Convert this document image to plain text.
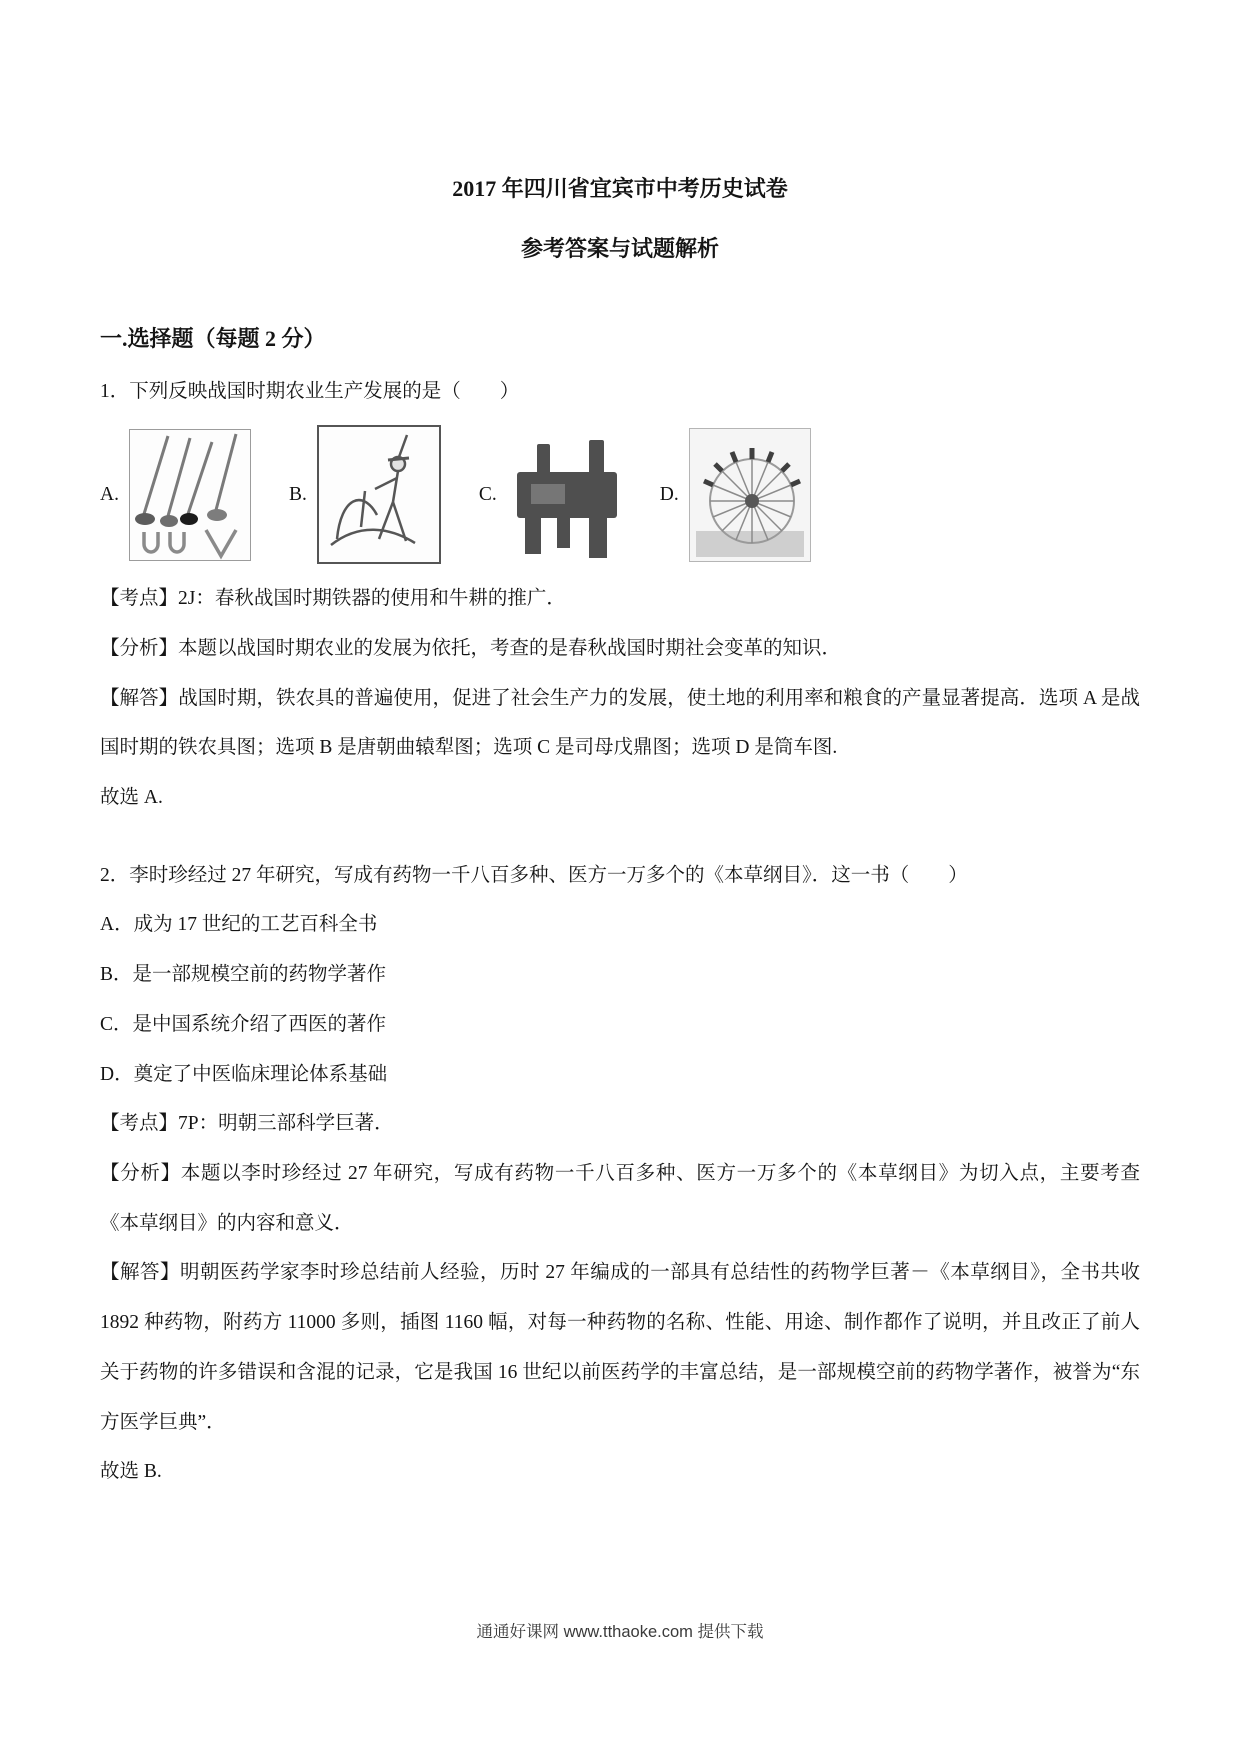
2017 年四川省宜宾市中考历史试卷
参考答案与试题解析

一.选择题（每题 2 分）

1．下列反映战国时期农业生产发展的是（　　）

A.	B.	C.	D.

【考点】2J：春秋战国时期铁器的使用和牛耕的推广．

【分析】本题以战国时期农业的发展为依托，考查的是春秋战国时期社会变革的知识．

【解答】战国时期，铁农具的普遍使用，促进了社会生产力的发展，使土地的利用率和粮食的产量显著提高．选项 A 是战国时期的铁农具图；选项 B 是唐朝曲辕犁图；选项 C 是司母戊鼎图；选项 D 是筒车图.

故选 A.

2．李时珍经过 27 年研究，写成有药物一千八百多种、医方一万多个的《本草纲目》．这一书（　　）

A．成为 17 世纪的工艺百科全书

B．是一部规模空前的药物学著作

C．是中国系统介绍了西医的著作

D．奠定了中医临床理论体系基础

【考点】7P：明朝三部科学巨著．

【分析】本题以李时珍经过 27 年研究，写成有药物一千八百多种、医方一万多个的《本草纲目》为切入点，主要考查《本草纲目》的内容和意义．

【解答】明朝医药学家李时珍总结前人经验，历时 27 年编成的一部具有总结性的药物学巨著－《本草纲目》，全书共收 1892 种药物，附药方 11000 多则，插图 1160 幅，对每一种药物的名称、性能、用途、制作都作了说明，并且改正了前人关于药物的许多错误和含混的记录，它是我国 16 世纪以前医药学的丰富总结，是一部规模空前的药物学著作，被誉为“东方医学巨典”．

故选 B.

通通好课网 www.tthaoke.com 提供下载
